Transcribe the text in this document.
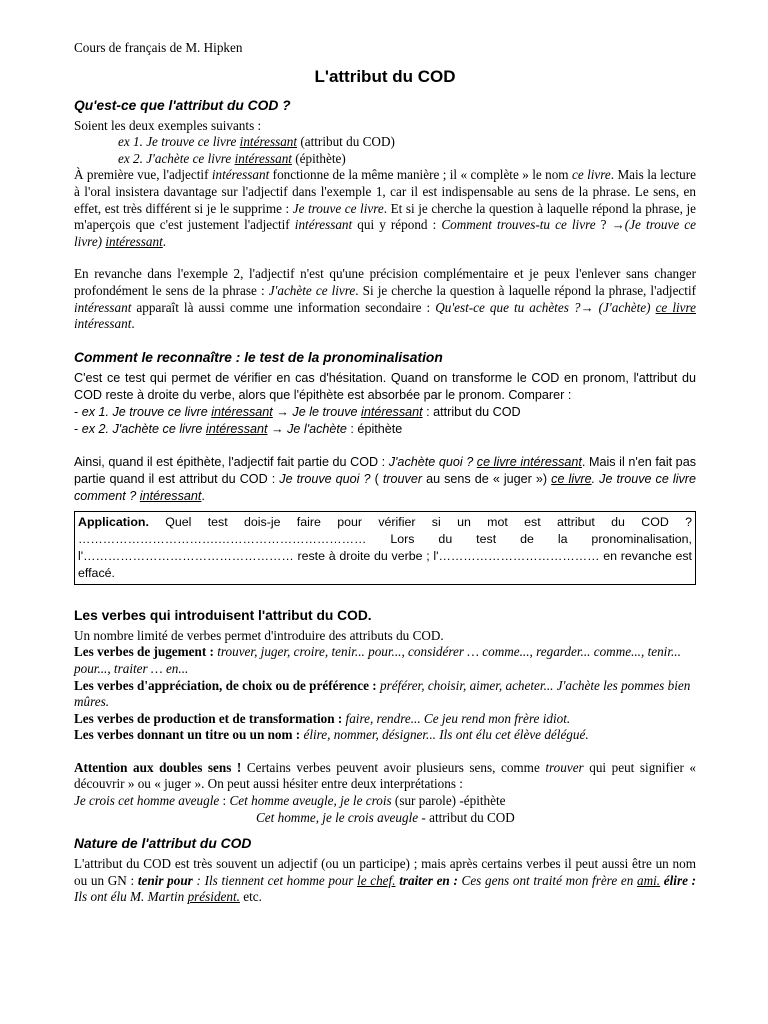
Cours de français de M. Hipken

L'attribut du COD
Qu'est-ce que l'attribut du COD ?

Soient les deux exemples suivants :

ex 1. Je trouve ce livre intéressant (attribut du COD)

ex 2. J'achète ce livre intéressant (épithète)

À première vue, l'adjectif intéressant fonctionne de la même manière ; il « complète » le nom ce livre. Mais la lecture à l'oral insistera davantage sur l'adjectif dans l'exemple 1, car il est indispensable au sens de la phrase. Le sens, en effet, est très différent si je le supprime : Je trouve ce livre. Et si je cherche la question à laquelle répond la phrase, je m'aperçois que c'est justement l'adjectif intéressant qui y répond : Comment trouves-tu ce livre ? →(Je trouve ce livre) intéressant.

En revanche dans l'exemple 2, l'adjectif n'est qu'une précision complémentaire et je peux l'enlever sans changer profondément le sens de la phrase : J'achète ce livre. Si je cherche la question à laquelle répond la phrase, l'adjectif intéressant apparaît là aussi comme une information secondaire : Qu'est-ce que tu achètes ?→ (J'achète) ce livre intéressant.

Comment le reconnaître : le test de la pronominalisation

C'est ce test qui permet de vérifier en cas d'hésitation. Quand on transforme le COD en pronom, l'attribut du COD reste à droite du verbe, alors que l'épithète est absorbée par le pronom. Comparer :

- ex 1. Je trouve ce livre intéressant → Je le trouve intéressant : attribut du COD

- ex 2. J'achète ce livre intéressant → Je l'achète : épithète

Ainsi, quand il est épithète, l'adjectif fait partie du COD : J'achète quoi ? ce livre intéressant. Mais il n'en fait pas partie quand il est attribut du COD : Je trouve quoi ? ( trouver au sens de « juger ») ce livre. Je trouve ce livre comment ? intéressant.

Application. Quel test dois-je faire pour vérifier si un mot est attribut du COD ? …………………………….……………………………… Lors du test de la pronominalisation, l'…………………………………………… reste à droite du verbe ; l'………………………………… en revanche est effacé.
Les verbes qui introduisent l'attribut du COD.

Un nombre limité de verbes permet d'introduire des attributs du COD.

Les verbes de jugement : trouver, juger, croire, tenir... pour..., considérer … comme..., regarder... comme..., tenir... pour..., traiter … en...

Les verbes d'appréciation, de choix ou de préférence : préférer, choisir, aimer, acheter... J'achète les pommes bien mûres.

Les verbes de production et de transformation : faire, rendre... Ce jeu rend mon frère idiot.

Les verbes donnant un titre ou un nom : élire, nommer, désigner... Ils ont élu cet élève délégué.

Attention aux doubles sens ! Certains verbes peuvent avoir plusieurs sens, comme trouver qui peut signifier « découvrir » ou « juger ». On peut aussi hésiter entre deux interprétations :

Je crois cet homme aveugle : Cet homme aveugle, je le crois (sur parole) -épithète

Cet homme, je le crois aveugle - attribut du COD

Nature de l'attribut du COD

L'attribut du COD est très souvent un adjectif (ou un participe) ; mais après certains verbes il peut aussi être un nom ou un GN : tenir pour : Ils tiennent cet homme pour le chef. traiter en : Ces gens ont traité mon frère en ami. élire : Ils ont élu M. Martin président. etc.
